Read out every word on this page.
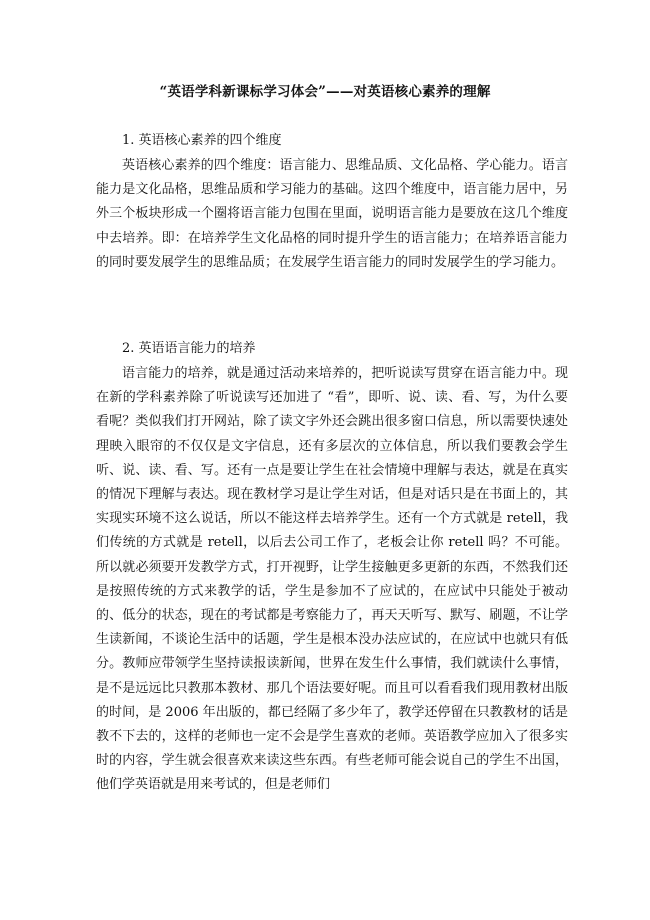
“英语学科新课标学习体会”——对英语核心素养的理解
1. 英语核心素养的四个维度

英语核心素养的四个维度：语言能力、思维品质、文化品格、学心能力。语言能力是文化品格，思维品质和学习能力的基础。这四个维度中，语言能力居中，另外三个板块形成一个圈将语言能力包围在里面，说明语言能力是要放在这几个维度中去培养。即：在培养学生文化品格的同时提升学生的语言能力；在培养语言能力的同时要发展学生的思维品质；在发展学生语言能力的同时发展学生的学习能力。

2. 英语语言能力的培养

语言能力的培养，就是通过活动来培养的，把听说读写贯穿在语言能力中。现在新的学科素养除了听说读写还加进了 “看”，即听、说、读、看、写，为什么要看呢？类似我们打开网站，除了读文字外还会跳出很多窗口信息，所以需要快速处理映入眼帘的不仅仅是文字信息，还有多层次的立体信息，所以我们要教会学生听、说、读、看、写。还有一点是要让学生在社会情境中理解与表达，就是在真实的情况下理解与表达。现在教材学习是让学生对话，但是对话只是在书面上的，其实现实环境不这么说话，所以不能这样去培养学生。还有一个方式就是 retell，我们传统的方式就是 retell，以后去公司工作了，老板会让你 retell 吗？不可能。所以就必须要开发教学方式，打开视野，让学生接触更多更新的东西，不然我们还是按照传统的方式来教学的话，学生是参加不了应试的，在应试中只能处于被动的、低分的状态，现在的考试都是考察能力了，再天天听写、默写、刷题，不让学生读新闻，不谈论生活中的话题，学生是根本没办法应试的，在应试中也就只有低分。教师应带领学生坚持读报读新闻，世界在发生什么事情，我们就读什么事情，是不是远远比只教那本教材、那几个语法要好呢。而且可以看看我们现用教材出版的时间，是 2006 年出版的，都已经隔了多少年了，教学还停留在只教教材的话是教不下去的，这样的老师也一定不会是学生喜欢的老师。英语教学应加入了很多实时的内容，学生就会很喜欢来读这些东西。有些老师可能会说自己的学生不出国，他们学英语就是用来考试的，但是老师们
